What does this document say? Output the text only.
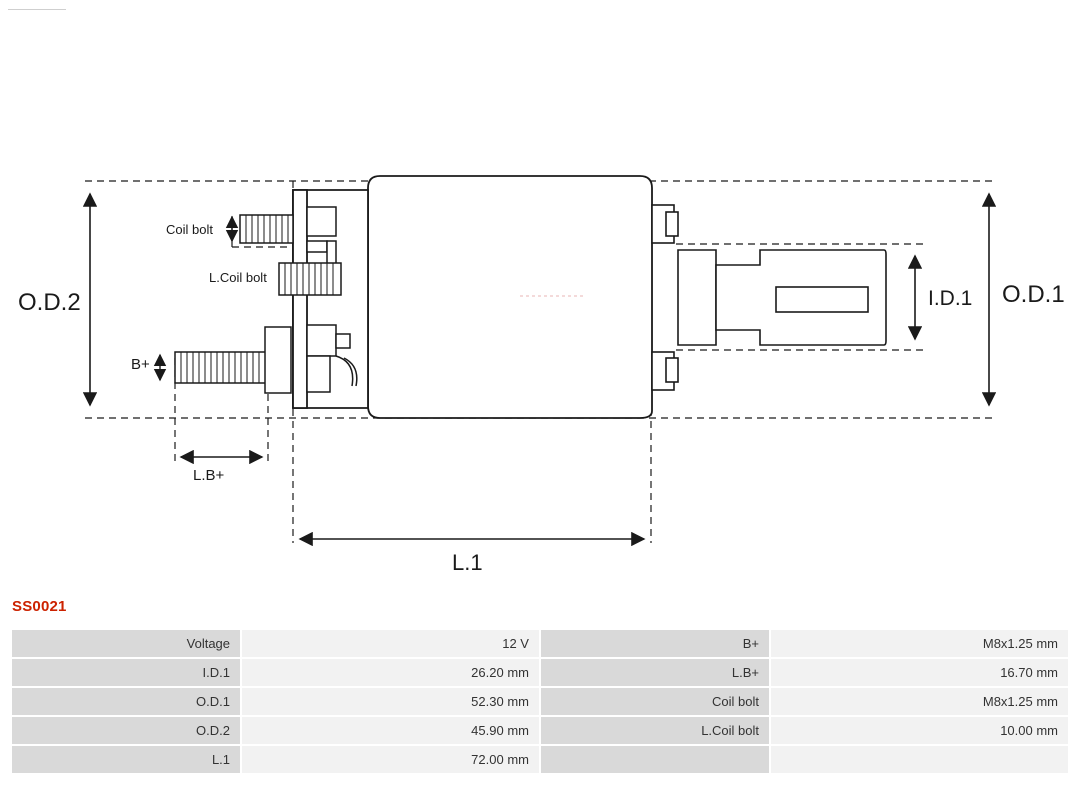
O.D.2	O.D.1
I.D.1
L.1
L.B+
Coil bolt
L.Coil bolt
B+
SS0021
Voltage	12 V	B+	M8x1.25 mm
I.D.1	26.20 mm	L.B+	16.70 mm
O.D.1	52.30 mm	Coil bolt	M8x1.25 mm
O.D.2	45.90 mm	L.Coil bolt	10.00 mm
L.1	72.00 mm		
